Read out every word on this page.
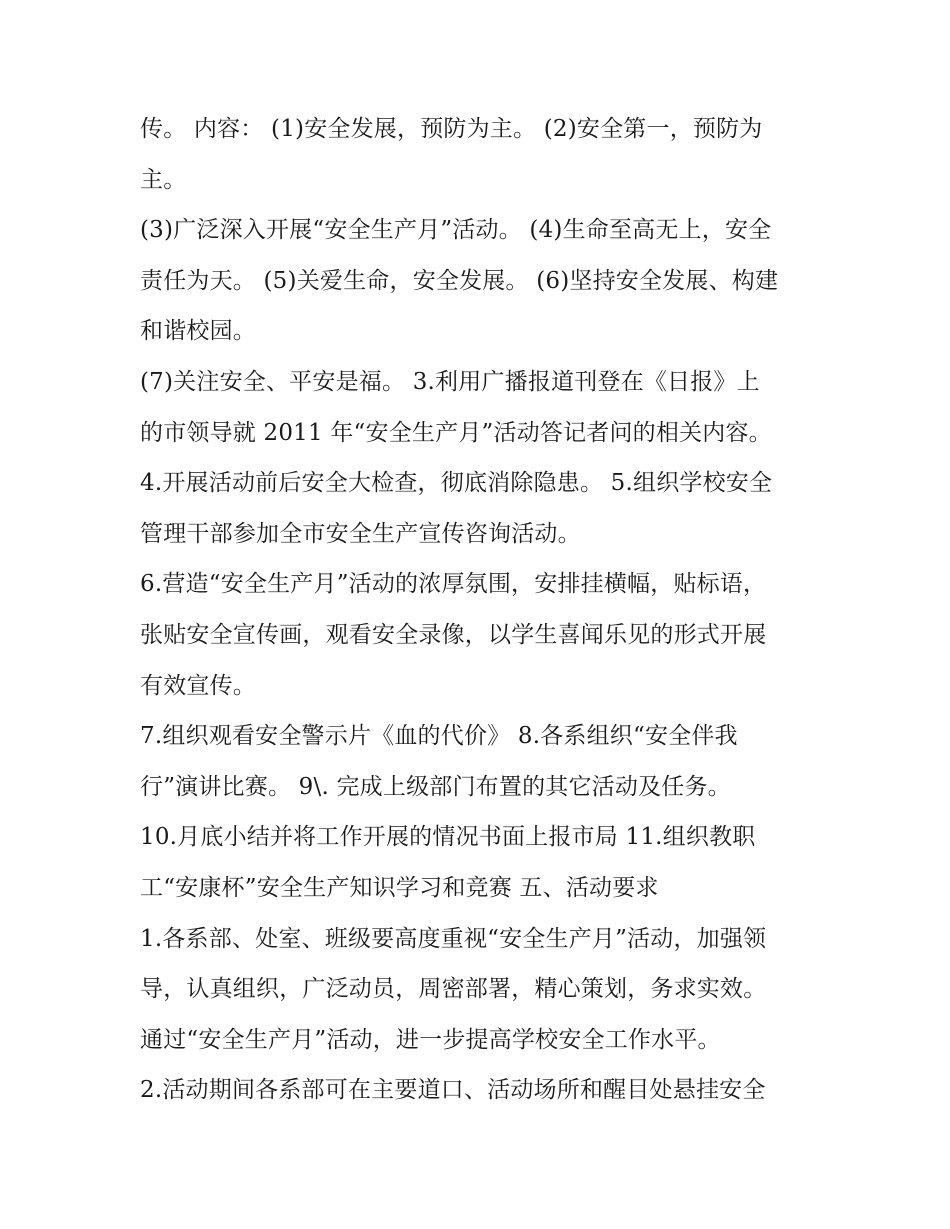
传。 内容： (1)安全发展，预防为主。 (2)安全第一，预防为
主。
(3)广泛深入开展“安全生产月”活动。 (4)生命至高无上，安全
责任为天。 (5)关爱生命，安全发展。 (6)坚持安全发展、构建
和谐校园。
(7)关注安全、平安是福。 3.利用广播报道刊登在《日报》上
的市领导就 2011 年“安全生产月”活动答记者问的相关内容。
4.开展活动前后安全大检查，彻底消除隐患。 5.组织学校安全
管理干部参加全市安全生产宣传咨询活动。
6.营造“安全生产月”活动的浓厚氛围，安排挂横幅，贴标语，
张贴安全宣传画，观看安全录像，以学生喜闻乐见的形式开展
有效宣传。
7.组织观看安全警示片《血的代价》 8.各系组织“安全伴我
行”演讲比赛。 9\. 完成上级部门布置的其它活动及任务。
10.月底小结并将工作开展的情况书面上报市局 11.组织教职
工“安康杯”安全生产知识学习和竞赛 五、活动要求
1.各系部、处室、班级要高度重视“安全生产月”活动，加强领
导，认真组织，广泛动员，周密部署，精心策划，务求实效。
通过“安全生产月”活动，进一步提高学校安全工作水平。
2.活动期间各系部可在主要道口、活动场所和醒目处悬挂安全
